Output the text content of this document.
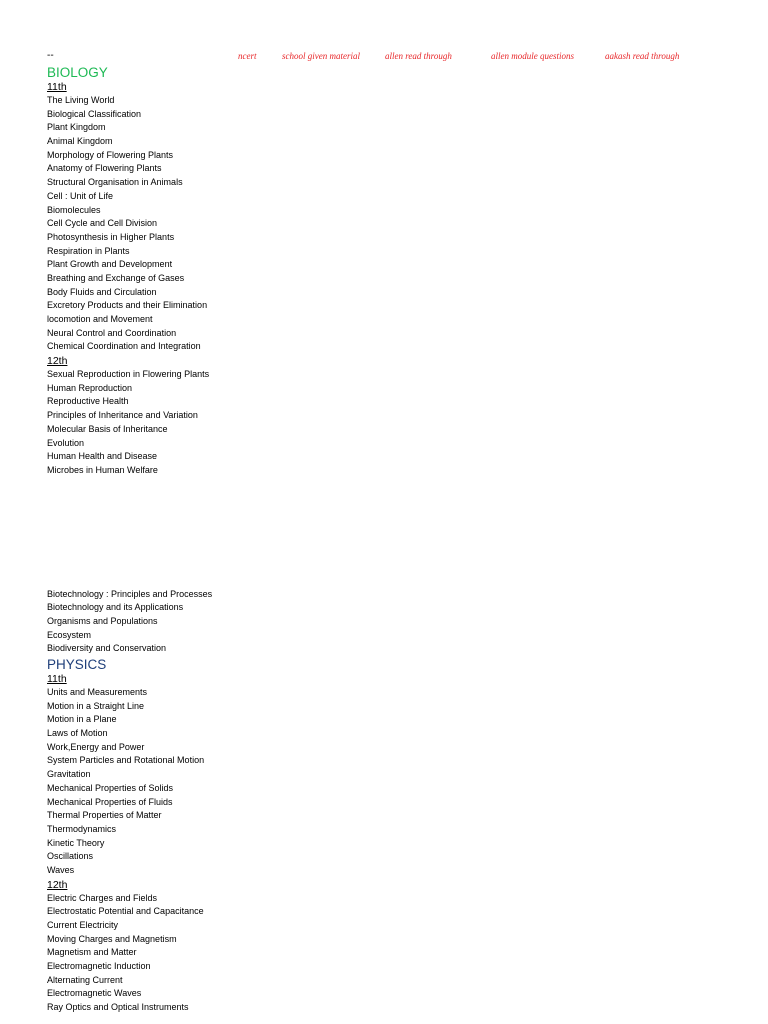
ncert	school given material	allen read through	allen module questions	aakash read through
--
BIOLOGY
11th
The Living World
Biological Classification
Plant Kingdom
Animal Kingdom
Morphology of Flowering Plants
Anatomy of Flowering Plants
Structural Organisation in Animals
Cell : Unit of Life
Biomolecules
Cell Cycle and Cell Division
Photosynthesis in Higher Plants
Respiration in Plants
Plant Growth and Development
Breathing and Exchange of Gases
Body Fluids and Circulation
Excretory Products and their Elimination
locomotion and Movement
Neural Control and Coordination
Chemical Coordination and Integration
12th
Sexual Reproduction in Flowering Plants
Human Reproduction
Reproductive Health
Principles of Inheritance and Variation
Molecular Basis of Inheritance
Evolution
Human Health and Disease
Microbes in Human Welfare
Biotechnology : Principles and Processes
Biotechnology and its Applications
Organisms and Populations
Ecosystem
Biodiversity and Conservation
PHYSICS
11th
Units and Measurements
Motion in a Straight Line
Motion in a Plane
Laws of Motion
Work,Energy and Power
System Particles and Rotational Motion
Gravitation
Mechanical Properties of Solids
Mechanical Properties of Fluids
Thermal Properties of Matter
Thermodynamics
Kinetic Theory
Oscillations
Waves
12th
Electric Charges and Fields
Electrostatic Potential and Capacitance
Current Electricity
Moving Charges and Magnetism
Magnetism and Matter
Electromagnetic Induction
Alternating Current
Electromagnetic Waves
Ray Optics and Optical Instruments
